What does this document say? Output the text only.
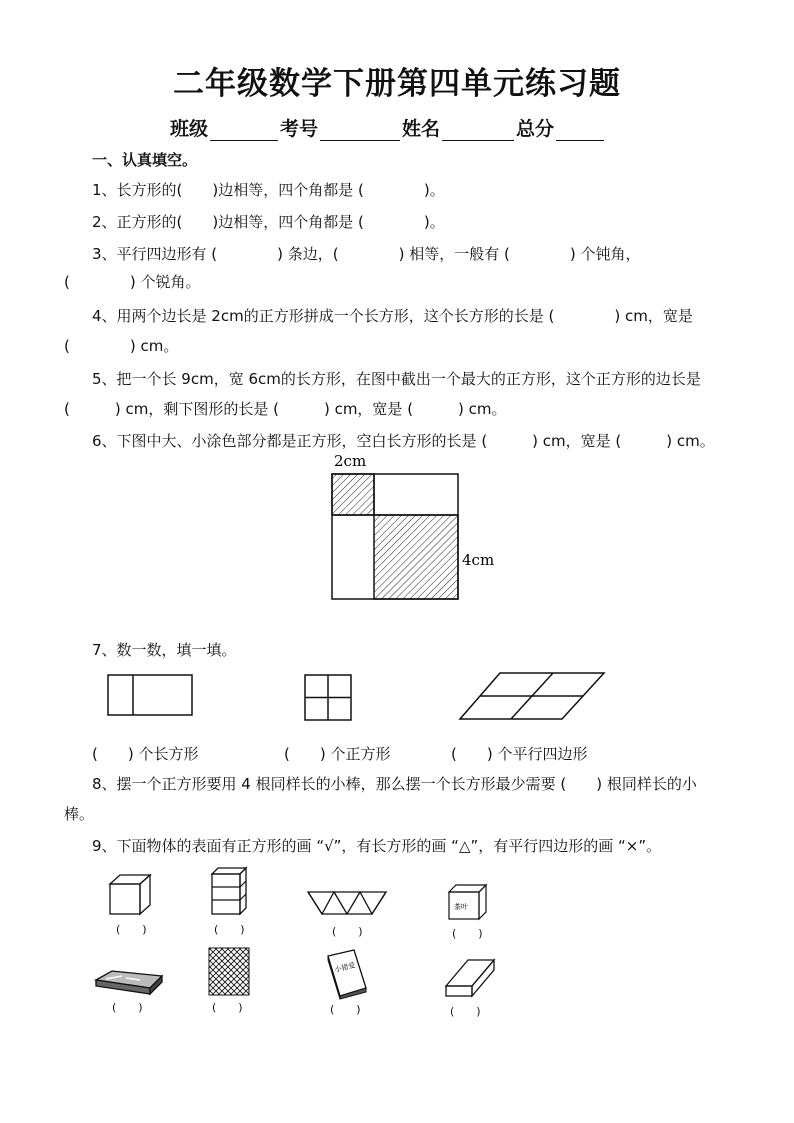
二年级数学下册第四单元练习题
班级	考号	姓名	总分
一、认真填空。
1、长方形的(　　)边相等，四个角都是 (　　　　)。
2、正方形的(　　)边相等，四个角都是 (　　　　)。
3、平行四边形有 (　　　　) 条边，(　　　　) 相等，一般有 (　　　　) 个钝角，
(　　　　) 个锐角。
4、用两个边长是 2cm的正方形拼成一个长方形，这个长方形的长是 (　　　　) cm，宽是
(　　　　) cm。
5、把一个长 9cm，宽 6cm的长方形，在图中截出一个最大的正方形，这个正方形的边长是
(　　　) cm，剩下图形的长是 (　　　) cm，宽是 (　　　) cm。
6、下图中大、小涂色部分都是正方形，空白长方形的长是 (　　　) cm，宽是 (　　　) cm。
2cm
4cm
7、数一数，填一填。
(　　) 个长方形	(　　) 个正方形	(　　) 个平行四边形
8、摆一个正方形要用 4 根同样长的小棒，那么摆一个长方形最少需要 (　　) 根同样长的小
棒。
9、下面物体的表面有正方形的画 “√”，有长方形的画 “△”，有平行四边形的画 “×”。
茶叶
(　　)	(　　)	(　　)	(　　)
小猪爱
(　　)	(　　)	(　　)	(　　)
